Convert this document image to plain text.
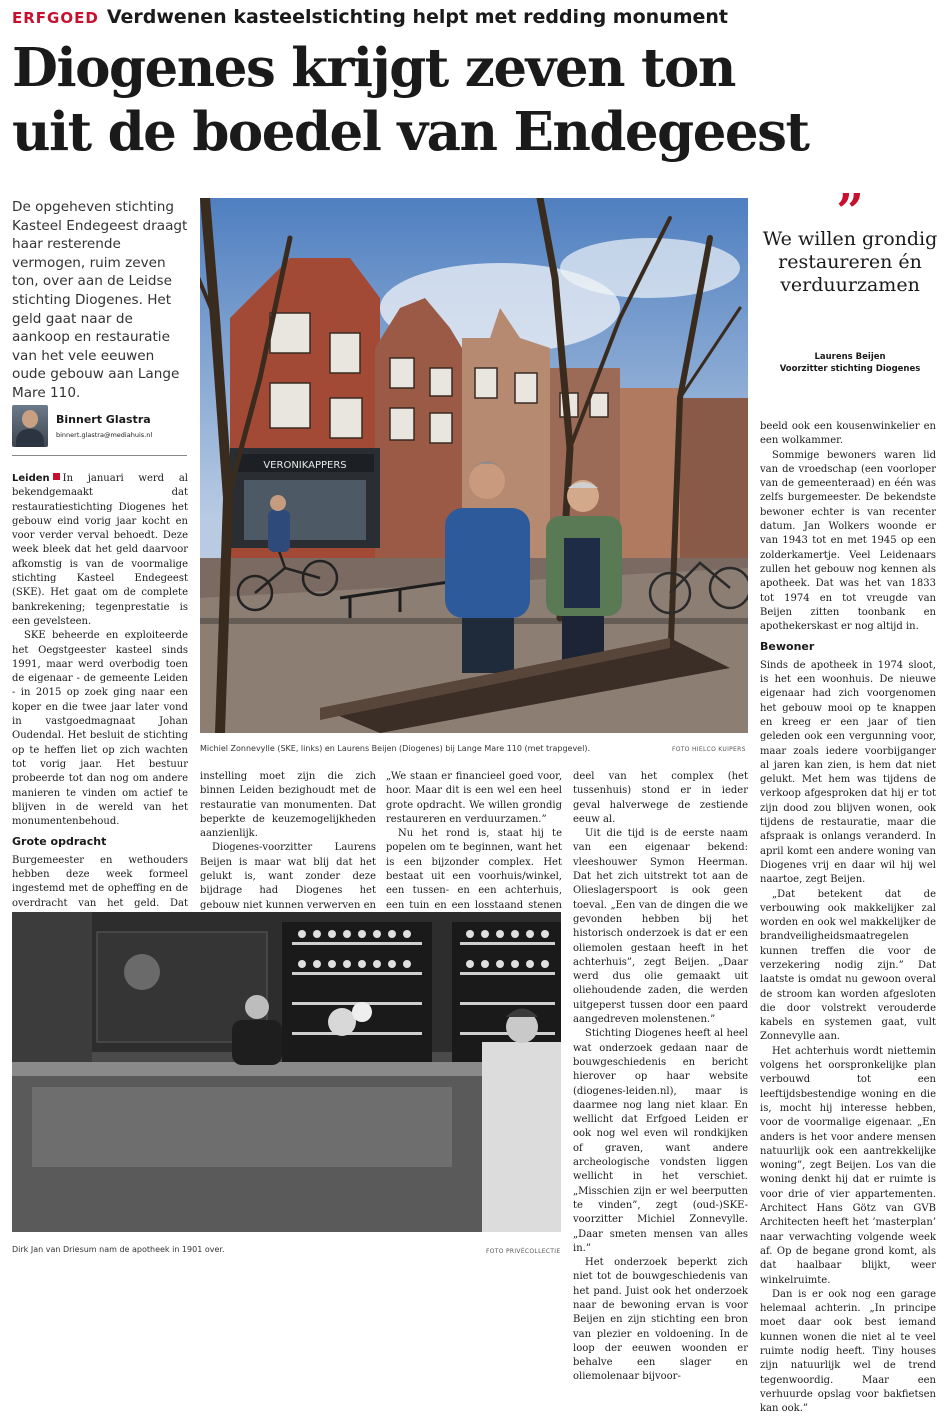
ERFGOED Verdwenen kasteelstichting helpt met redding monument
Diogenes krijgt zeven ton
uit de boedel van Endegeest
De opgeheven stichting Kasteel Endegeest draagt haar resterende vermogen, ruim zeven ton, over aan de Leidse stichting Diogenes. Het geld gaat naar de aankoop en restauratie van het vele eeuwen oude gebouw aan Lange Mare 110.
Binnert Glastra
binnert.glastra@mediahuis.nl

Leiden In januari werd al bekendgemaakt dat restauratiestichting Diogenes het gebouw eind vorig jaar kocht en voor verder verval behoedt. Deze week bleek dat het geld daarvoor afkomstig is van de voormalige stichting Kasteel Endegeest (SKE). Het gaat om de complete bankrekening; tegenprestatie is een gevelsteen.

SKE beheerde en exploiteerde het Oegstgeester kasteel sinds 1991, maar werd overbodig toen de eigenaar - de gemeente Leiden - in 2015 op zoek ging naar een koper en die twee jaar later vond in vastgoedmagnaat Johan Oudendal. Het besluit de stichting op te heffen liet op zich wachten tot vorig jaar. Het bestuur probeerde tot dan nog om andere manieren te vinden om actief te blijven in de wereld van het monumentenbehoud.

Grote opdracht

Burgemeester en wethouders hebben deze week formeel ingestemd met de opheffing en de overdracht van het geld. Dat

VERONIKAPPERS
Michiel Zonnevylle (SKE, links) en Laurens Beijen (Diogenes) bij Lange Mare 110 (met trapgevel).	FOTO HIELCO KUIPERS
”
We willen grondig restaureren én verduurzamen
Laurens Beijen
Voorzitter stichting Diogenes

instelling moet zijn die zich binnen Leiden bezighoudt met de restauratie van monumenten. Dat beperkte de keuzemogelijkheden aanzienlijk.

Diogenes-voorzitter Laurens Beijen is maar wat blij dat het gelukt is, want zonder deze bijdrage had Diogenes het gebouw niet kunnen verwerven en

„We staan er financieel goed voor, hoor. Maar dit is een wel een heel grote opdracht. We willen grondig restaureren en verduurzamen.”

Nu het rond is, staat hij te popelen om te beginnen, want het is een bijzonder complex. Het bestaat uit een voorhuis/winkel, een tussen- en een achterhuis, een tuin en een losstaand stenen

deel van het complex (het tussenhuis) stond er in ieder geval halverwege de zestiende eeuw al.

Uit die tijd is de eerste naam van een eigenaar bekend: vleeshouwer Symon Heerman. Dat het zich uitstrekt tot aan de Olieslagerspoort is ook geen toeval. „Een van de dingen die we gevonden hebben bij het historisch onderzoek is dat er een oliemolen gestaan heeft in het achterhuis”, zegt Beijen. „Daar werd dus olie gemaakt uit oliehoudende zaden, die werden uitgeperst tussen door een paard aangedreven molenstenen.”

Stichting Diogenes heeft al heel wat onderzoek gedaan naar de bouwgeschiedenis en bericht hierover op haar website (diogenes-leiden.nl), maar is daarmee nog lang niet klaar. En wellicht dat Erfgoed Leiden er ook nog wel even wil rondkijken of graven, want andere archeologische vondsten liggen wellicht in het verschiet. „Misschien zijn er wel beerputten te vinden”, zegt (oud-)SKE-voorzitter Michiel Zonnevylle. „Daar smeten mensen van alles in.”

Het onderzoek beperkt zich niet tot de bouwgeschiedenis van het pand. Juist ook het onderzoek naar de bewoning ervan is voor Beijen en zijn stichting een bron van plezier en voldoening. In de loop der eeuwen woonden er behalve een slager en oliemolenaar bijvoor-

beeld ook een kousenwinkelier en een wolkammer.

Sommige bewoners waren lid van de vroedschap (een voorloper van de gemeenteraad) en één was zelfs burgemeester. De bekendste bewoner echter is van recenter datum. Jan Wolkers woonde er van 1943 tot en met 1945 op een zolderkamertje. Veel Leidenaars zullen het gebouw nog kennen als apotheek. Dat was het van 1833 tot 1974 en tot vreugde van Beijen zitten toonbank en apothekerskast er nog altijd in.

Bewoner

Sinds de apotheek in 1974 sloot, is het een woonhuis. De nieuwe eigenaar had zich voorgenomen het gebouw mooi op te knappen en kreeg er een jaar of tien geleden ook een vergunning voor, maar zoals iedere voorbijganger al jaren kan zien, is hem dat niet gelukt. Met hem was tijdens de verkoop afgesproken dat hij er tot zijn dood zou blijven wonen, ook tijdens de restauratie, maar die afspraak is onlangs veranderd. In april komt een andere woning van Diogenes vrij en daar wil hij wel naartoe, zegt Beijen.

„Dat betekent dat de verbouwing ook makkelijker zal worden en ook wel makkelijker de brandveiligheidsmaatregelen kunnen treffen die voor de verzekering nodig zijn.” Dat laatste is omdat nu gewoon overal de stroom kan worden afgesloten die door volstrekt verouderde kabels en systemen gaat, vult Zonnevylle aan.

Het achterhuis wordt niettemin volgens het oorspronkelijke plan verbouwd tot een leeftijdsbestendige woning en die is, mocht hij interesse hebben, voor de voormalige eigenaar. „En anders is het voor andere mensen natuurlijk ook een aantrekkelijke woning”, zegt Beijen. Los van die woning denkt hij dat er ruimte is voor drie of vier appartementen. Architect Hans Götz van GVB Architecten heeft het ’masterplan’ naar verwachting volgende week af. Op de begane grond komt, als dat haalbaar blijkt, weer winkelruimte.

Dan is er ook nog een garage helemaal achterin. „In principe moet daar ook best iemand kunnen wonen die niet al te veel ruimte nodig heeft. Tiny houses zijn natuurlijk wel de trend tegenwoordig. Maar een verhuurde opslag voor bakfietsen kan ook.”

Dirk Jan van Driesum nam de apotheek in 1901 over.	FOTO PRIVÉCOLLECTIE
